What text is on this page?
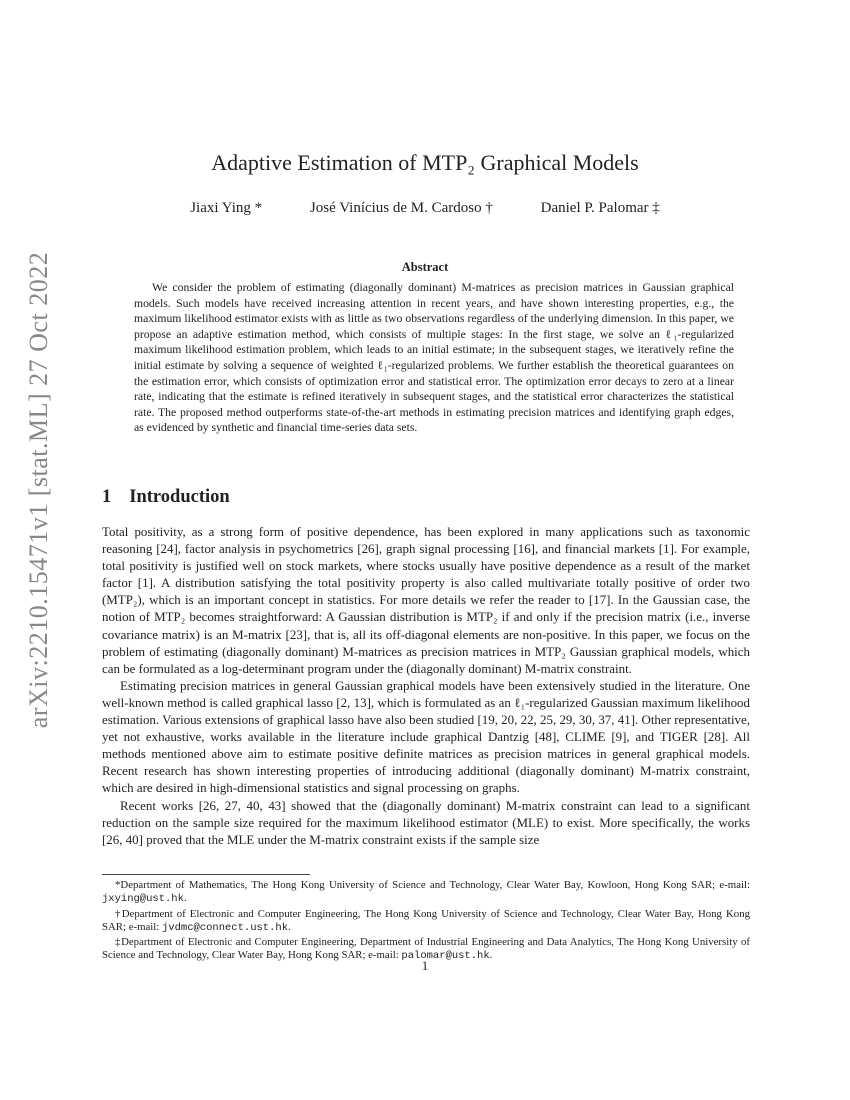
arXiv:2210.15471v1 [stat.ML] 27 Oct 2022
Adaptive Estimation of MTP₂ Graphical Models
Jiaxi Ying *	José Vinícius de M. Cardoso †	Daniel P. Palomar ‡
Abstract
We consider the problem of estimating (diagonally dominant) M-matrices as precision matrices in Gaussian graphical models. Such models have received increasing attention in recent years, and have shown interesting properties, e.g., the maximum likelihood estimator exists with as little as two observations regardless of the underlying dimension. In this paper, we propose an adaptive estimation method, which consists of multiple stages: In the first stage, we solve an ℓ₁-regularized maximum likelihood estimation problem, which leads to an initial estimate; in the subsequent stages, we iteratively refine the initial estimate by solving a sequence of weighted ℓ₁-regularized problems. We further establish the theoretical guarantees on the estimation error, which consists of optimization error and statistical error. The optimization error decays to zero at a linear rate, indicating that the estimate is refined iteratively in subsequent stages, and the statistical error characterizes the statistical rate. The proposed method outperforms state-of-the-art methods in estimating precision matrices and identifying graph edges, as evidenced by synthetic and financial time-series data sets.
1 Introduction

Total positivity, as a strong form of positive dependence, has been explored in many applications such as taxonomic reasoning [24], factor analysis in psychometrics [26], graph signal processing [16], and financial markets [1]. For example, total positivity is justified well on stock markets, where stocks usually have positive dependence as a result of the market factor [1]. A distribution satisfying the total positivity property is also called multivariate totally positive of order two (MTP₂), which is an important concept in statistics. For more details we refer the reader to [17]. In the Gaussian case, the notion of MTP₂ becomes straightforward: A Gaussian distribution is MTP₂ if and only if the precision matrix (i.e., inverse covariance matrix) is an M-matrix [23], that is, all its off-diagonal elements are non-positive. In this paper, we focus on the problem of estimating (diagonally dominant) M-matrices as precision matrices in MTP₂ Gaussian graphical models, which can be formulated as a log-determinant program under the (diagonally dominant) M-matrix constraint.

Estimating precision matrices in general Gaussian graphical models have been extensively studied in the literature. One well-known method is called graphical lasso [2, 13], which is formulated as an ℓ₁-regularized Gaussian maximum likelihood estimation. Various extensions of graphical lasso have also been studied [19, 20, 22, 25, 29, 30, 37, 41]. Other representative, yet not exhaustive, works available in the literature include graphical Dantzig [48], CLIME [9], and TIGER [28]. All methods mentioned above aim to estimate positive definite matrices as precision matrices in general graphical models. Recent research has shown interesting properties of introducing additional (diagonally dominant) M-matrix constraint, which are desired in high-dimensional statistics and signal processing on graphs.

Recent works [26, 27, 40, 43] showed that the (diagonally dominant) M-matrix constraint can lead to a significant reduction on the sample size required for the maximum likelihood estimator (MLE) to exist. More specifically, the works [26, 40] proved that the MLE under the M-matrix constraint exists if the sample size

*Department of Mathematics, The Hong Kong University of Science and Technology, Clear Water Bay, Kowloon, Hong Kong SAR; e-mail: jxying@ust.hk.

†Department of Electronic and Computer Engineering, The Hong Kong University of Science and Technology, Clear Water Bay, Hong Kong SAR; e-mail: jvdmc@connect.ust.hk.

‡Department of Electronic and Computer Engineering, Department of Industrial Engineering and Data Analytics, The Hong Kong University of Science and Technology, Clear Water Bay, Hong Kong SAR; e-mail: palomar@ust.hk.

1
